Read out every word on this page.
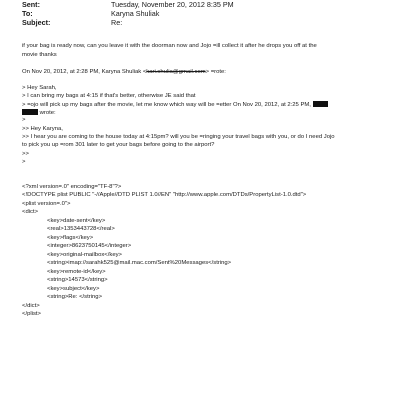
Sent:	Tuesday, November 20, 2012 8:35 PM
To:	Karyna Shuliak
Subject:	Re:
if your bag is ready now, can you leave it with the doorman now and Jojo =ill collect it after he drops you off at the
movie thanks
On Nov 20, 2012, at 2:28 PM, Karyna Shuliak <kari.shulia@gmail.com> =rote:
> Hey Sarah,
> I can bring my bags at 4:15 if that's better, otherwise JE said that
> =ojo will pick up my bags after the movie, let me know which way will be =etter On Nov 20, 2012, at 2:25 PM,
wrote:
>
>> Hey Karyna,
>> I hear you are coming to the house today at 4:15pm? will you be =ringing your travel bags with you, or do I need Jojo
to pick you up =rom 301 later to get your bags before going to the airport?
>>
>
<?xml version=.0" encoding="TF-8"?>
<!DOCTYPE plist PUBLIC "-//Apple//DTD PLIST 1.0//EN" "http://www.apple.com/DTDs/PropertyList-1.0.dtd">
<plist version=.0">
<dict>
<key>date-sent</key>
<real>1353443728</real>
<key>flags</key>
<integer>8623750145</integer>
<key>original-mailbox</key>
<string>imap://sarahk525@mail.mac.com/Sent%20Messages</string>
<key>remote-id</key>
<string>14573</string>
<key>subject</key>
<string>Re: </string>
</dict>
</plist>
